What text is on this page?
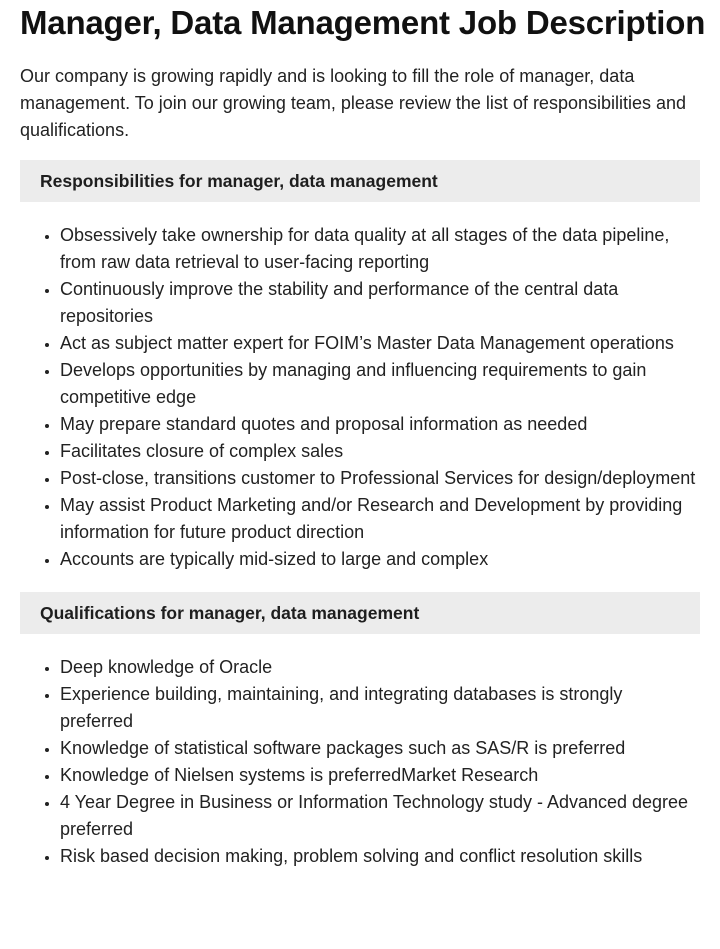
Manager, Data Management Job Description

Our company is growing rapidly and is looking to fill the role of manager, data management. To join our growing team, please review the list of responsibilities and qualifications.

Responsibilities for manager, data management
• Obsessively take ownership for data quality at all stages of the data pipeline, from raw data retrieval to user-facing reporting
• Continuously improve the stability and performance of the central data repositories
• Act as subject matter expert for FOIM’s Master Data Management operations
• Develops opportunities by managing and influencing requirements to gain competitive edge
• May prepare standard quotes and proposal information as needed
• Facilitates closure of complex sales
• Post-close, transitions customer to Professional Services for design/deployment
• May assist Product Marketing and/or Research and Development by providing information for future product direction
• Accounts are typically mid-sized to large and complex
Qualifications for manager, data management
• Deep knowledge of Oracle
• Experience building, maintaining, and integrating databases is strongly preferred
• Knowledge of statistical software packages such as SAS/R is preferred
• Knowledge of Nielsen systems is preferredMarket Research
• 4 Year Degree in Business or Information Technology study - Advanced degree preferred
• Risk based decision making, problem solving and conflict resolution skills
